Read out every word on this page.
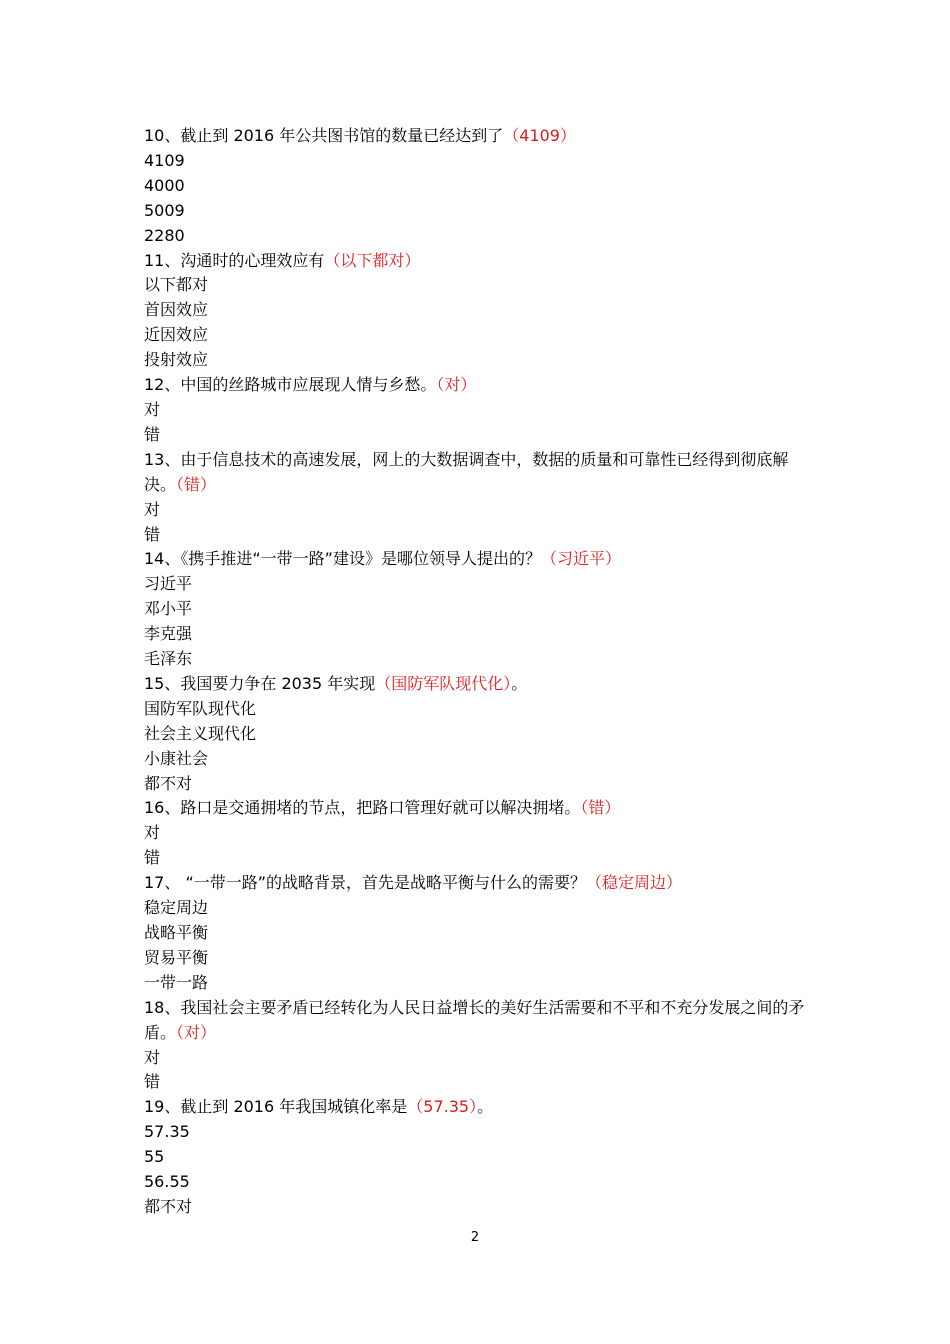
10、截止到 2016 年公共图书馆的数量已经达到了（4109）
4109
4000
5009
2280
11、沟通时的心理效应有（以下都对）
以下都对
首因效应
近因效应
投射效应
12、中国的丝路城市应展现人情与乡愁。（对）
对
错
13、由于信息技术的高速发展，网上的大数据调查中，数据的质量和可靠性已经得到彻底解决。（错）
对
错
14、《携手推进“一带一路”建设》是哪位领导人提出的？（习近平）
习近平
邓小平
李克强
毛泽东
15、我国要力争在 2035 年实现（国防军队现代化）。
国防军队现代化
社会主义现代化
小康社会
都不对
16、路口是交通拥堵的节点，把路口管理好就可以解决拥堵。（错）
对
错
17、 “一带一路”的战略背景，首先是战略平衡与什么的需要？（稳定周边）
稳定周边
战略平衡
贸易平衡
一带一路
18、我国社会主要矛盾已经转化为人民日益增长的美好生活需要和不平和不充分发展之间的矛盾。（对）
对
错
19、截止到 2016 年我国城镇化率是（57.35）。
57.35
55
56.55
都不对
2
